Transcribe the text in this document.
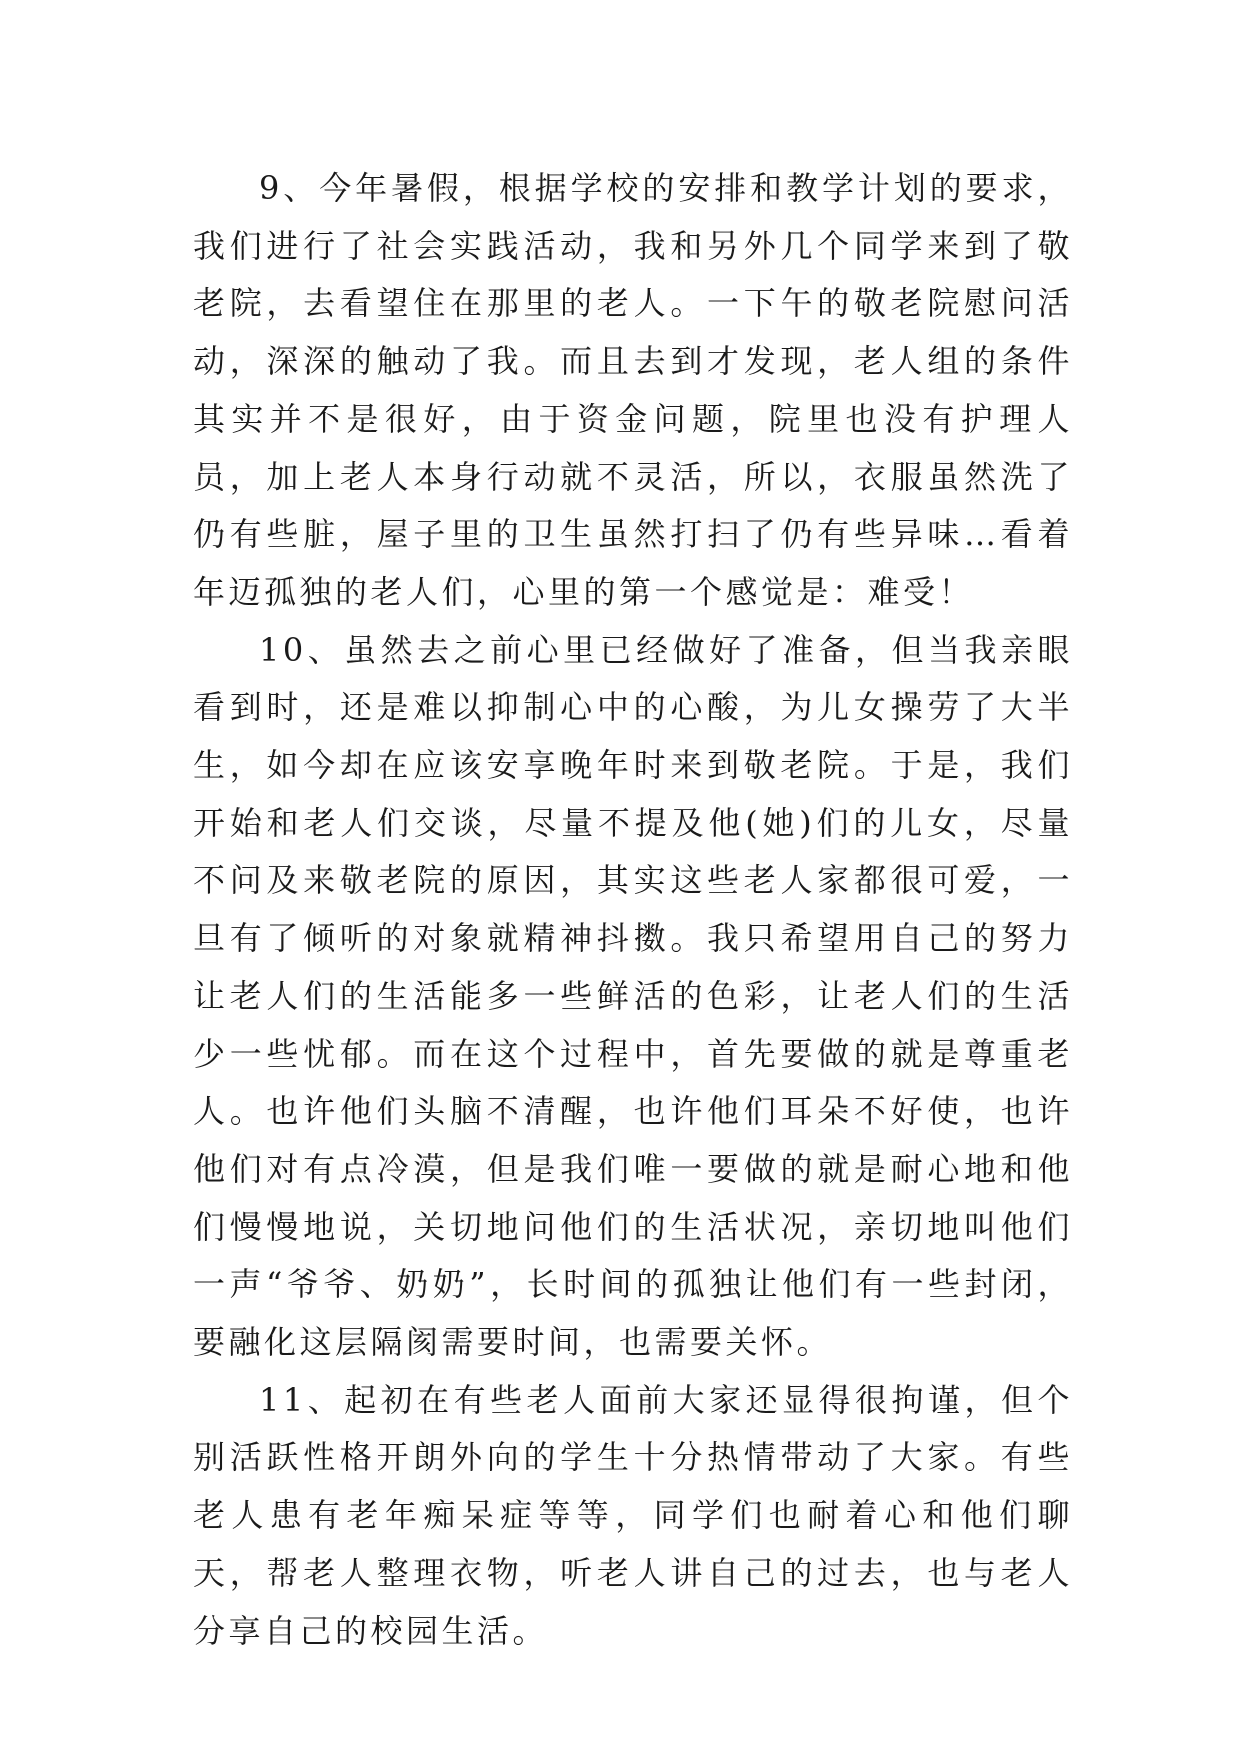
9、今年暑假，根据学校的安排和教学计划的要求，我们进行了社会实践活动，我和另外几个同学来到了敬老院，去看望住在那里的老人。一下午的敬老院慰问活动，深深的触动了我。而且去到才发现，老人组的条件其实并不是很好，由于资金问题，院里也没有护理人员，加上老人本身行动就不灵活，所以，衣服虽然洗了仍有些脏，屋子里的卫生虽然打扫了仍有些异味…看着年迈孤独的老人们，心里的第一个感觉是：难受！

10、虽然去之前心里已经做好了准备，但当我亲眼看到时，还是难以抑制心中的心酸，为儿女操劳了大半生，如今却在应该安享晚年时来到敬老院。于是，我们开始和老人们交谈，尽量不提及他(她)们的儿女，尽量不问及来敬老院的原因，其实这些老人家都很可爱，一旦有了倾听的对象就精神抖擞。我只希望用自己的努力让老人们的生活能多一些鲜活的色彩，让老人们的生活少一些忧郁。而在这个过程中，首先要做的就是尊重老人。也许他们头脑不清醒，也许他们耳朵不好使，也许他们对有点冷漠，但是我们唯一要做的就是耐心地和他们慢慢地说，关切地问他们的生活状况，亲切地叫他们一声“爷爷、奶奶”，长时间的孤独让他们有一些封闭，要融化这层隔阂需要时间，也需要关怀。

11、起初在有些老人面前大家还显得很拘谨，但个别活跃性格开朗外向的学生十分热情带动了大家。有些老人患有老年痴呆症等等，同学们也耐着心和他们聊天，帮老人整理衣物，听老人讲自己的过去，也与老人分享自己的校园生活。
